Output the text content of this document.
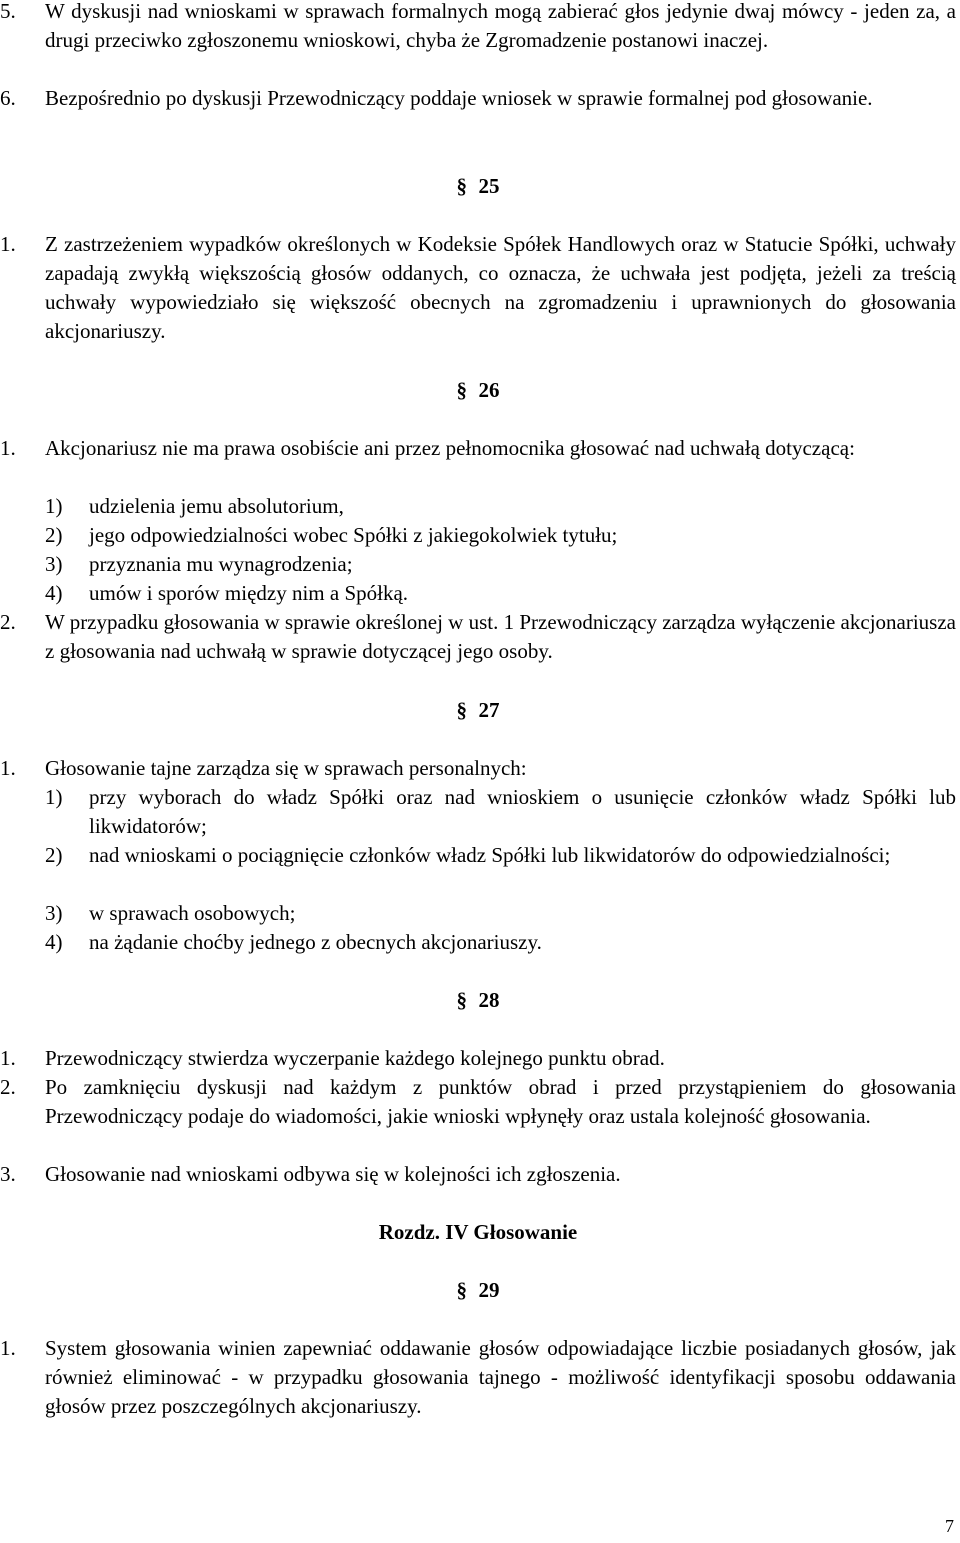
5. W dyskusji nad wnioskami w sprawach formalnych mogą zabierać głos jedynie dwaj mówcy - jeden za, a drugi przeciwko zgłoszonemu wnioskowi, chyba że Zgromadzenie postanowi inaczej.
6. Bezpośrednio po dyskusji Przewodniczący poddaje wniosek w sprawie formalnej pod głosowanie.
§ 25
1. Z zastrzeżeniem wypadków określonych w Kodeksie Spółek Handlowych oraz w Statucie Spółki, uchwały zapadają zwykłą większością głosów oddanych, co oznacza, że uchwała jest podjęta, jeżeli za treścią uchwały wypowiedziało się większość obecnych na zgromadzeniu i uprawnionych do głosowania akcjonariuszy.
§ 26
1. Akcjonariusz nie ma prawa osobiście ani przez pełnomocnika głosować nad uchwałą dotyczącą:
1) udzielenia jemu absolutorium,
2) jego odpowiedzialności wobec Spółki z jakiegokolwiek tytułu;
3) przyznania mu wynagrodzenia;
4) umów i sporów między nim a Spółką.
2. W przypadku głosowania w sprawie określonej w ust. 1 Przewodniczący zarządza wyłączenie akcjonariusza z głosowania nad uchwałą w sprawie dotyczącej jego osoby.
§ 27
1. Głosowanie tajne zarządza się w sprawach personalnych:
1) przy wyborach do władz Spółki oraz nad wnioskiem o usunięcie członków władz Spółki lub likwidatorów;
2) nad wnioskami o pociągnięcie członków władz Spółki lub likwidatorów do odpowiedzialności;
3) w sprawach osobowych;
4) na żądanie choćby jednego z obecnych akcjonariuszy.
§ 28
1. Przewodniczący stwierdza wyczerpanie każdego kolejnego punktu obrad.
2. Po zamknięciu dyskusji nad każdym z punktów obrad i przed przystąpieniem do głosowania Przewodniczący podaje do wiadomości, jakie wnioski wpłynęły oraz ustala kolejność głosowania.
3. Głosowanie nad wnioskami odbywa się w kolejności ich zgłoszenia.
Rozdz. IV Głosowanie
§ 29
1. System głosowania winien zapewniać oddawanie głosów odpowiadające liczbie posiadanych głosów, jak również eliminować - w przypadku głosowania tajnego - możliwość identyfikacji sposobu oddawania głosów przez poszczególnych akcjonariuszy.
7
